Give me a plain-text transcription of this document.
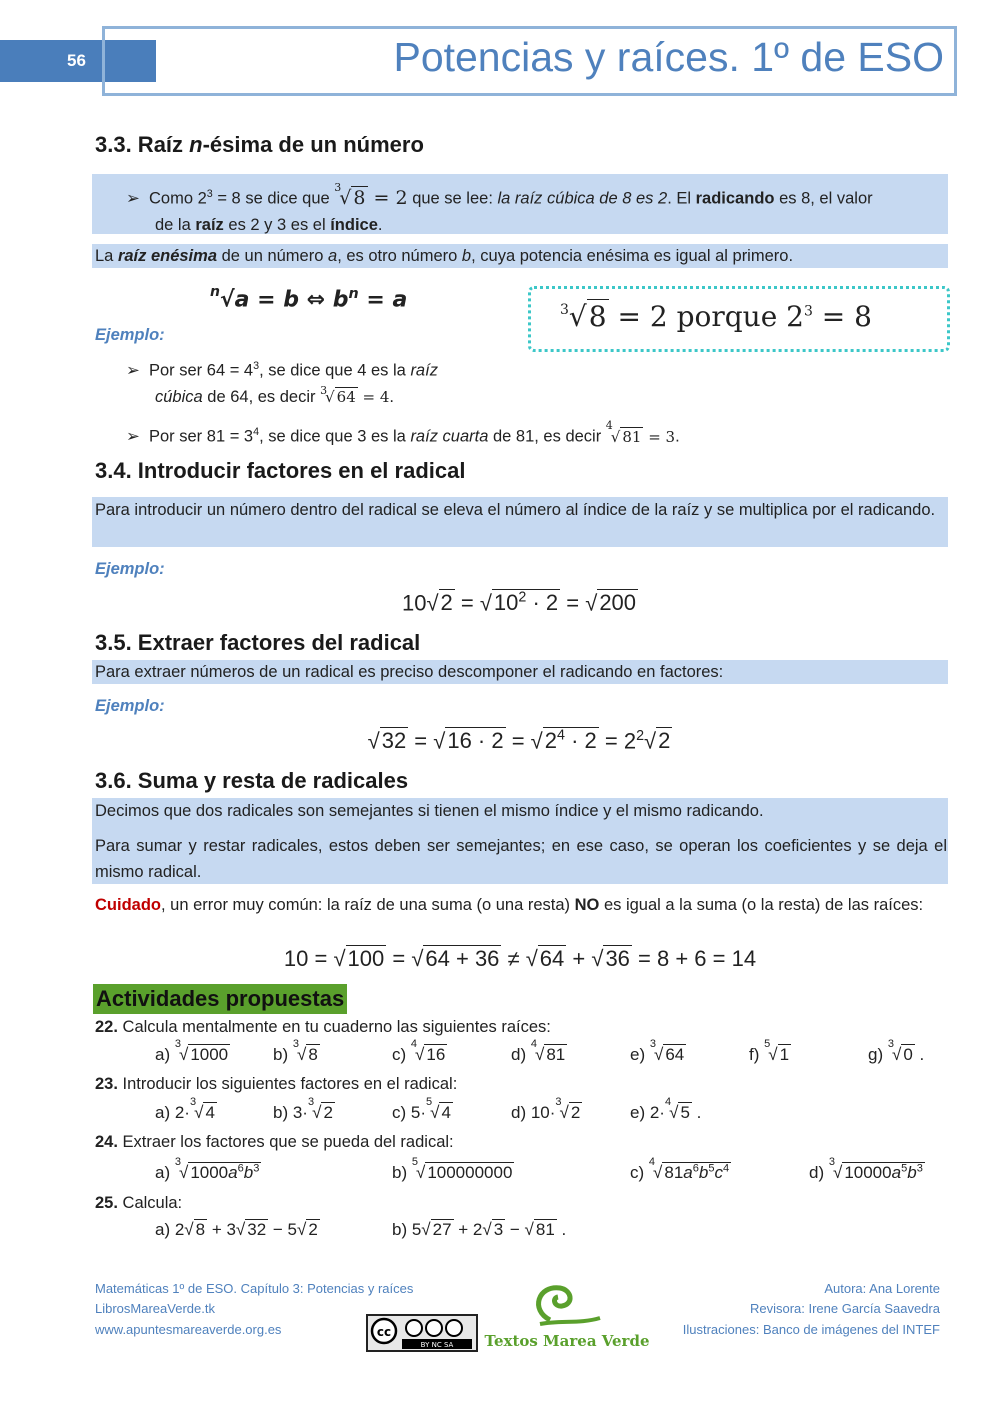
56	Potencias y raíces. 1º de ESO
3.3. Raíz n-ésima de un número
➢ Como $2^3 = 8$ se dice que $^3$√ 8 = 2 que se lee: la raíz cúbica de 8 es 2. El radicando es 8, el valor
de la raíz es 2 y 3 es el índice.
La raíz enésima de un número a, es otro número b, cuya potencia enésima es igual al primero.
$^n$√a = b ⇔ $b^n = a$	$^3$√8 = 2 porque $2^3 = 8$
Ejemplo:
➢ Por ser $64 = 4^3$, se dice que 4 es la raíz
cúbica de 64, es decir $^3$√ 64 = 4.
➢ Por ser $81 = 3^4$, se dice que 3 es la raíz cuarta de 81, es decir $^4$√ 81 = 3.
3.4. Introducir factores en el radical
Para introducir un número dentro del radical se eleva el número al índice de la raíz y se multiplica por el radicando.
Ejemplo:
$10√2 = √10^2 \cdot 2 = √200$
3.5. Extraer factores del radical
Para extraer números de un radical es preciso descomponer el radicando en factores:
Ejemplo:
$√32 = √16 \cdot 2 = √2^4 \cdot 2 = 2^2√2$
3.6. Suma y resta de radicales
Decimos que dos radicales son semejantes si tienen el mismo índice y el mismo radicando.
Para sumar y restar radicales, estos deben ser semejantes; en ese caso, se operan los coeficientes y se deja el mismo radical.
Cuidado, un error muy común: la raíz de una suma (o una resta) NO es igual a la suma (o la resta) de las raíces:
10 = √100 = √64 + 36 ≠ √64 + √36 = 8 + 6 = 14
Actividades propuestas
22. Calcula mentalmente en tu cuaderno las siguientes raíces:
a) $^3$√ 1000	b) $^3$√ 8	c) $^4$√ 16	d) $^4$√ 81	e) $^3$√ 64	f) $^5$√ 1	g) $^3$√ 0 .
23. Introducir los siguientes factores en el radical:
a) 2·$^3$√ 4	b) 3·$^3$√ 2	c) 5·$^5$√ 4	d) 10·$^3$√ 2	e) 2·$^4$√ 5 .
24. Extraer los factores que se pueda del radical:
a) $^3$√ $1000a^6b^3$	b) $^5$√ 100000000	c) $^4$√ $81a^6b^5c^4$	d) $^3$√ $10000a^5b^3$
25. Calcula:
a) 2√ 8 + 3√ 32 − 5√ 2	b) 5√ 27 + 2√ 3 − √ 81 .
Matemáticas 1º de ESO. Capítulo 3: Potencias y raíces
LibrosMareaVerde.tk
www.apuntesmareaverde.org.es
Autora: Ana Lorente
Revisora: Irene García Saavedra
Ilustraciones: Banco de imágenes del INTEF
cc
BY NC SA Textos Marea Verde
